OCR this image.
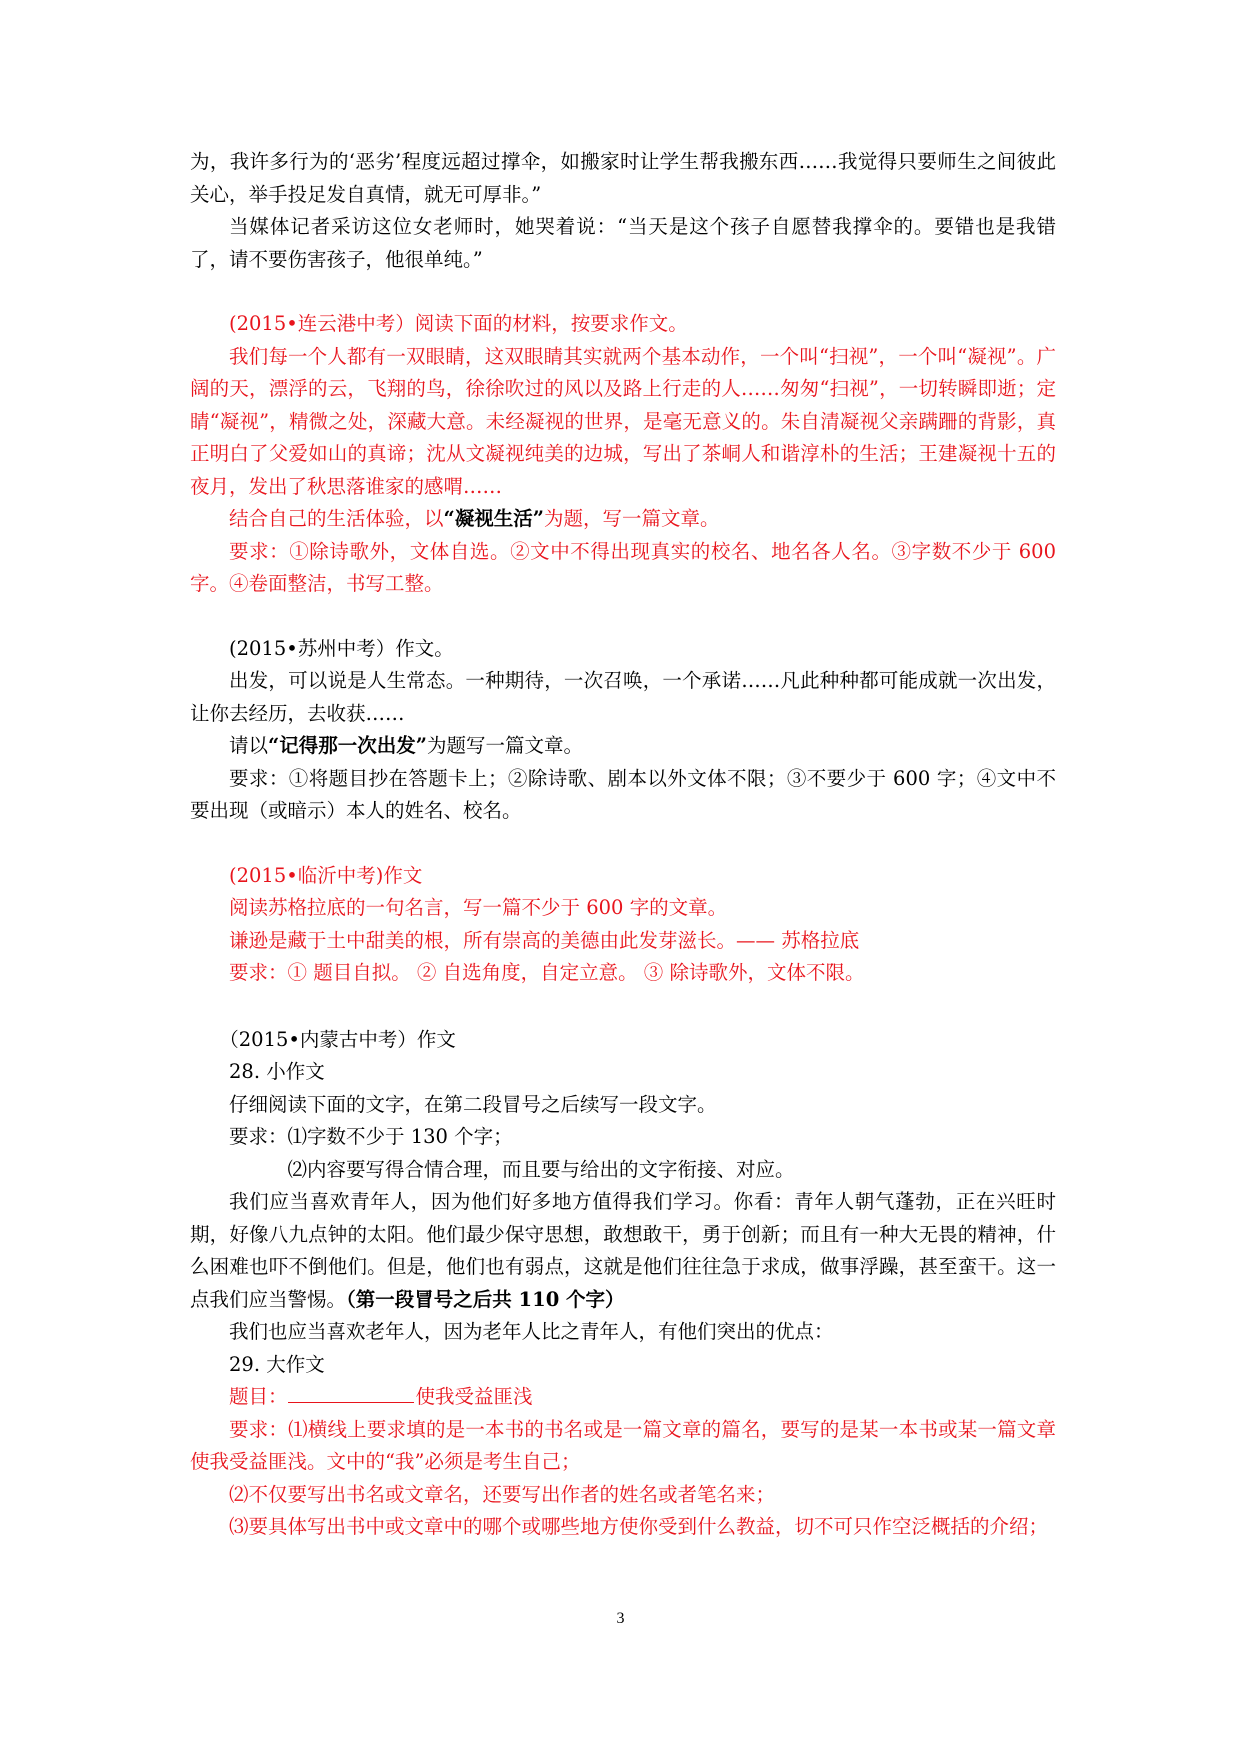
为，我许多行为的‘恶劣’程度远超过撑伞，如搬家时让学生帮我搬东西……我觉得只要师生之间彼此关心，举手投足发自真情，就无可厚非。”

当媒体记者采访这位女老师时，她哭着说：“当天是这个孩子自愿替我撑伞的。要错也是我错了，请不要伤害孩子，他很单纯。”

(2015•连云港中考）阅读下面的材料，按要求作文。

我们每一个人都有一双眼睛，这双眼睛其实就两个基本动作，一个叫“扫视”，一个叫“凝视”。广阔的天，漂浮的云，飞翔的鸟，徐徐吹过的风以及路上行走的人……匆匆“扫视”，一切转瞬即逝；定睛“凝视”，精微之处，深藏大意。未经凝视的世界，是毫无意义的。朱自清凝视父亲蹒跚的背影，真正明白了父爱如山的真谛；沈从文凝视纯美的边城，写出了茶峒人和谐淳朴的生活；王建凝视十五的夜月，发出了秋思落谁家的感喟……

结合自己的生活体验，以“凝视生活”为题，写一篇文章。

要求：①除诗歌外，文体自选。②文中不得出现真实的校名、地名各人名。③字数不少于 600 字。④卷面整洁，书写工整。

(2015•苏州中考）作文。

出发，可以说是人生常态。一种期待，一次召唤，一个承诺……凡此种种都可能成就一次出发，让你去经历，去收获……

请以“记得那一次出发”为题写一篇文章。

要求：①将题目抄在答题卡上；②除诗歌、剧本以外文体不限；③不要少于 600 字；④文中不要出现（或暗示）本人的姓名、校名。

(2015•临沂中考)作文

阅读苏格拉底的一句名言，写一篇不少于 600 字的文章。

谦逊是藏于土中甜美的根，所有崇高的美德由此发芽滋长。—— 苏格拉底

要求：① 题目自拟。 ② 自选角度，自定立意。 ③ 除诗歌外，文体不限。

（2015•内蒙古中考）作文

28. 小作文

仔细阅读下面的文字，在第二段冒号之后续写一段文字。

要求：⑴字数不少于 130 个字；

⑵内容要写得合情合理，而且要与给出的文字衔接、对应。

我们应当喜欢青年人，因为他们好多地方值得我们学习。你看：青年人朝气蓬勃，正在兴旺时期，好像八九点钟的太阳。他们最少保守思想，敢想敢干，勇于创新；而且有一种大无畏的精神，什么困难也吓不倒他们。但是，他们也有弱点，这就是他们往往急于求成，做事浮躁，甚至蛮干。这一点我们应当警惕。（第一段冒号之后共 110 个字）

我们也应当喜欢老年人，因为老年人比之青年人，有他们突出的优点：

29. 大作文

题目：	使我受益匪浅

要求：⑴横线上要求填的是一本书的书名或是一篇文章的篇名，要写的是某一本书或某一篇文章使我受益匪浅。文中的“我”必须是考生自己；

⑵不仅要写出书名或文章名，还要写出作者的姓名或者笔名来；

⑶要具体写出书中或文章中的哪个或哪些地方使你受到什么教益，切不可只作空泛概括的介绍；

3
